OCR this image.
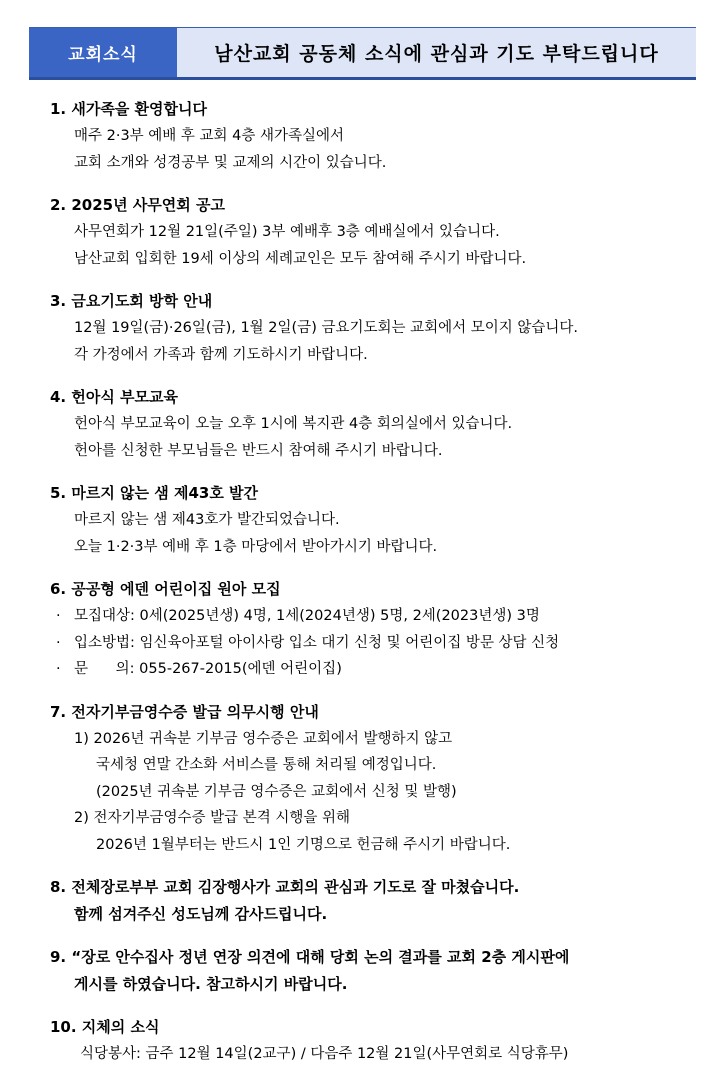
교회소식	남산교회 공동체 소식에 관심과 기도 부탁드립니다
1. 새가족을 환영합니다
매주 2·3부 예배 후 교회 4층 새가족실에서
교회 소개와 성경공부 및 교제의 시간이 있습니다.
2. 2025년 사무연회 공고
사무연회가 12월 21일(주일) 3부 예배후 3층 예배실에서 있습니다.
남산교회 입회한 19세 이상의 세례교인은 모두 참여해 주시기 바랍니다.
3. 금요기도회 방학 안내
12월 19일(금)·26일(금), 1월 2일(금) 금요기도회는 교회에서 모이지 않습니다.
각 가정에서 가족과 함께 기도하시기 바랍니다.
4. 헌아식 부모교육
헌아식 부모교육이 오늘 오후 1시에 복지관 4층 회의실에서 있습니다.
헌아를 신청한 부모님들은 반드시 참여해 주시기 바랍니다.
5. 마르지 않는 샘 제43호 발간
마르지 않는 샘 제43호가 발간되었습니다.
오늘 1·2·3부 예배 후 1층 마당에서 받아가시기 바랍니다.
6. 공공형 에덴 어린이집 원아 모집
· 모집대상: 0세(2025년생) 4명, 1세(2024년생) 5명, 2세(2023년생) 3명
· 입소방법: 임신육아포털 아이사랑 입소 대기 신청 및 어린이집 방문 상담 신청
· 문      의: 055-267-2015(에덴 어린이집)
7. 전자기부금영수증 발급 의무시행 안내
1) 2026년 귀속분 기부금 영수증은 교회에서 발행하지 않고
국세청 연말 간소화 서비스를 통해 처리될 예정입니다.
(2025년 귀속분 기부금 영수증은 교회에서 신청 및 발행)
2) 전자기부금영수증 발급 본격 시행을 위해
2026년 1월부터는 반드시 1인 기명으로 헌금해 주시기 바랍니다.
8. 전체장로부부 교회 김장행사가 교회의 관심과 기도로 잘 마쳤습니다.
함께 섬겨주신 성도님께 감사드립니다.
9. “장로 안수집사 정년 연장 의견에 대해 당회 논의 결과를 교회 2층 게시판에
게시를 하였습니다. 참고하시기 바랍니다.
10. 지체의 소식
식당봉사: 금주 12월 14일(2교구) / 다음주 12월 21일(사무연회로 식당휴무)
